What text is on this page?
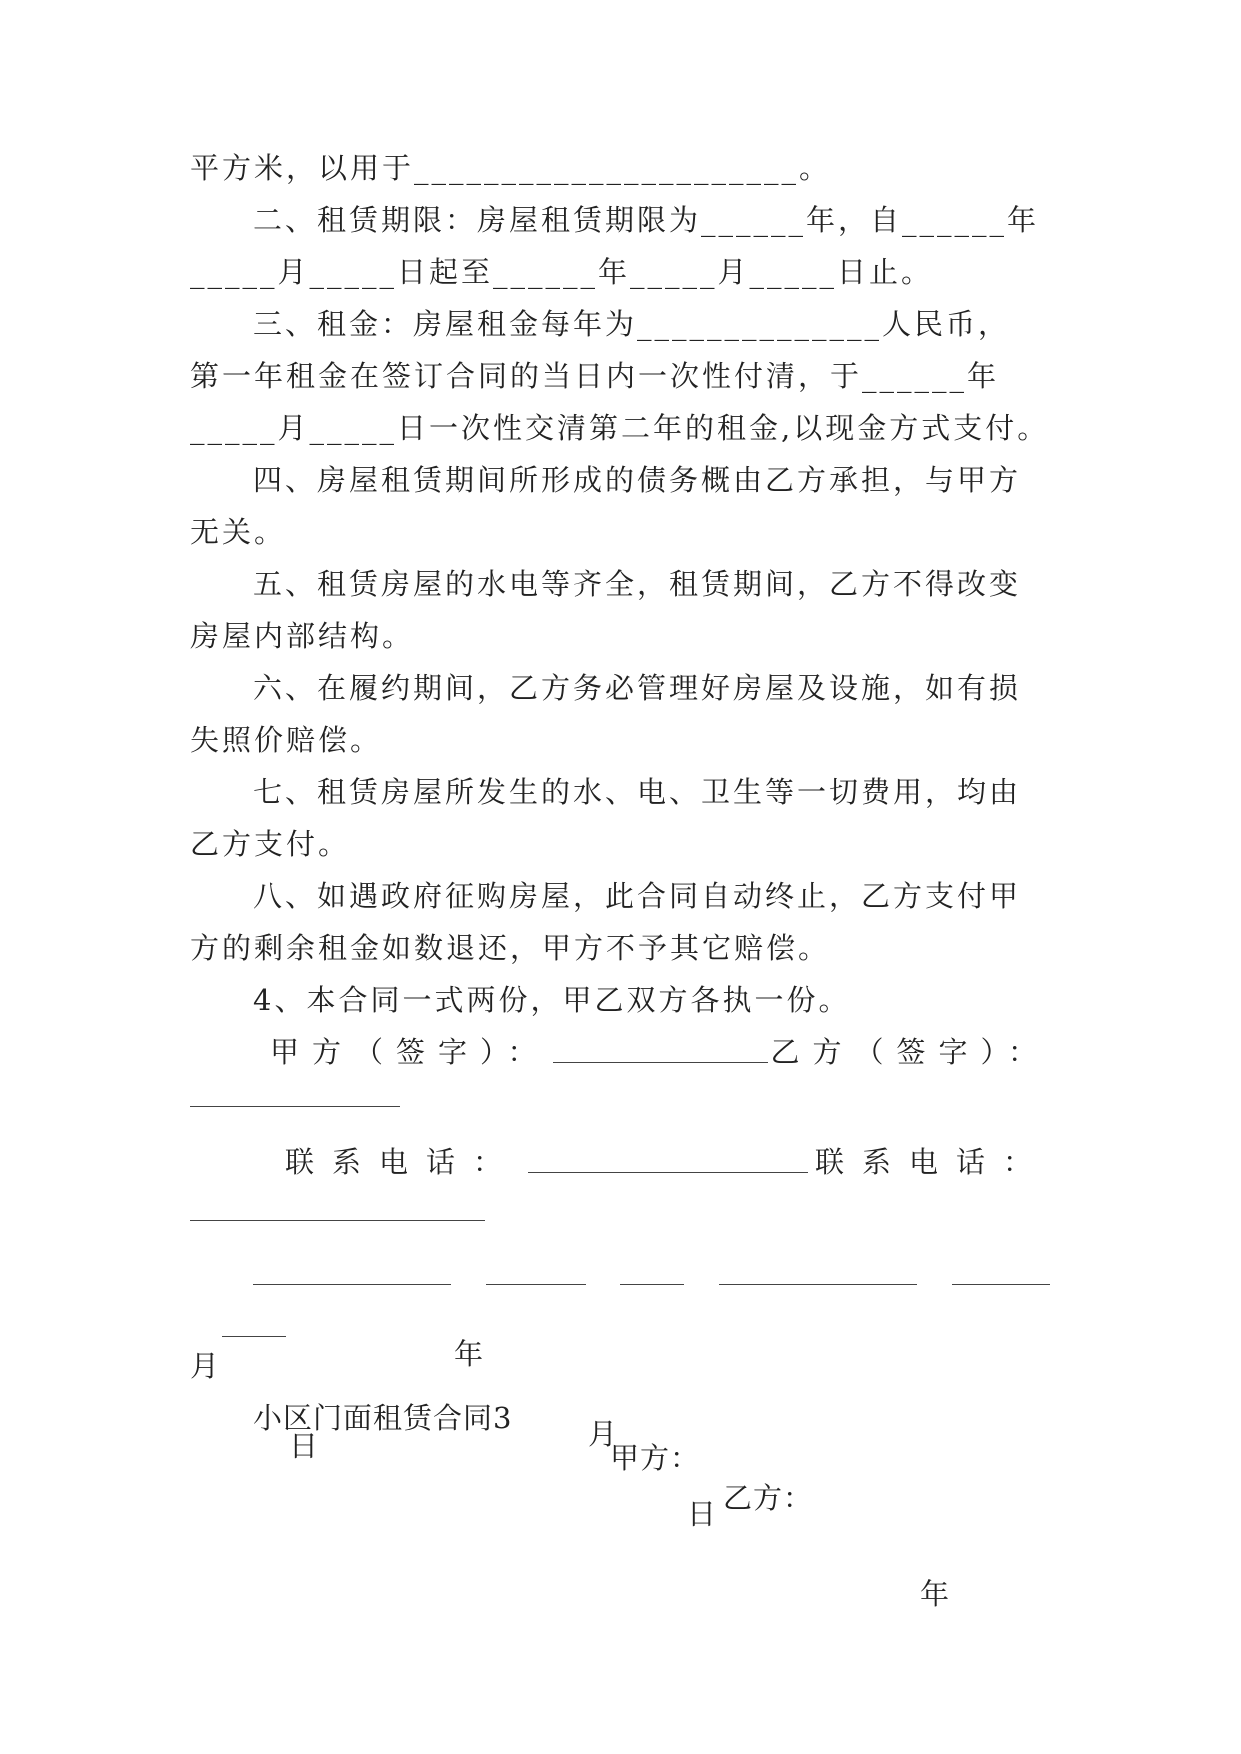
平方米，以用于______________________。
二、租赁期限：房屋租赁期限为______年，自______年
_____月_____日起至______年_____月_____日止。
三、租金：房屋租金每年为______________人民币，
第一年租金在签订合同的当日内一次性付清，于______年
_____月_____日一次性交清第二年的租金,以现金方式支付。
四、房屋租赁期间所形成的债务概由乙方承担，与甲方
无关。
五、租赁房屋的水电等齐全，租赁期间，乙方不得改变
房屋内部结构。
六、在履约期间，乙方务必管理好房屋及设施，如有损
失照价赔偿。
七、租赁房屋所发生的水、电、卫生等一切费用，均由
乙方支付。
八、如遇政府征购房屋，此合同自动终止，乙方支付甲
方的剩余租金如数退还，甲方不予其它赔偿。
4、本合同一式两份，甲乙双方各执一份。
甲方（签字）：	乙方（签字）：
联系电话：	联系电话：

年

月

日

年

月

日

小区门面租赁合同3

甲方：

乙方：
